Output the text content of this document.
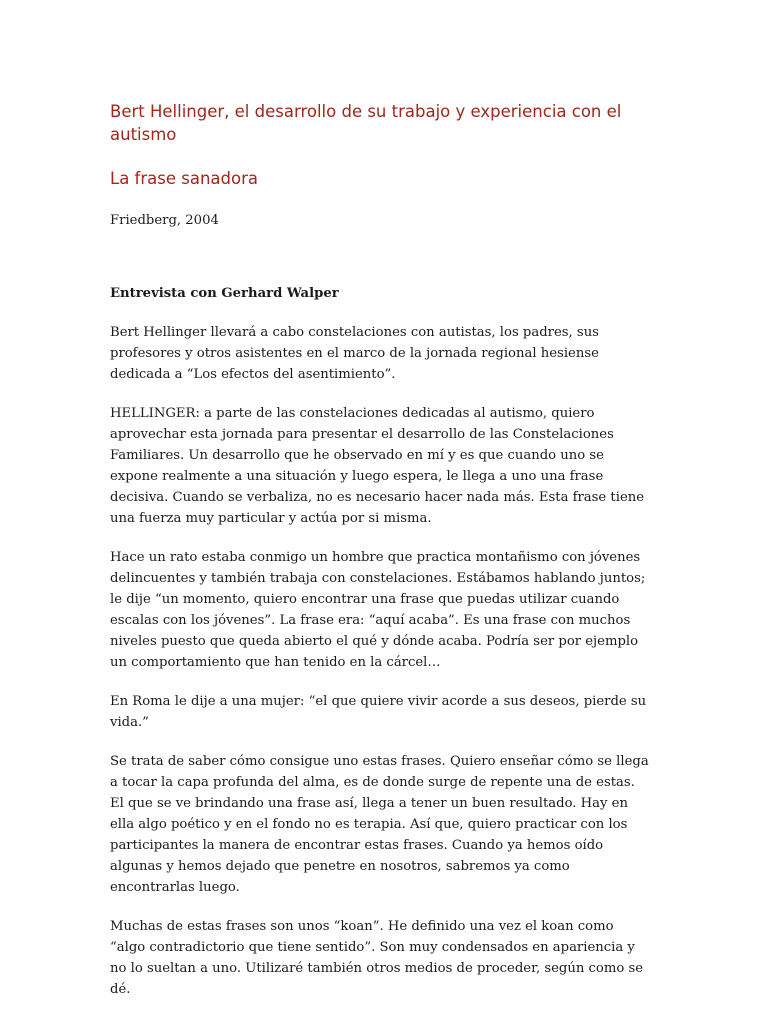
Bert Hellinger, el desarrollo de su trabajo y experiencia con el autismo
La frase sanadora
Friedberg, 2004
Entrevista con Gerhard Walper

Bert Hellinger llevará a cabo constelaciones con autistas, los padres, sus profesores y otros asistentes en el marco de la jornada regional hesiense dedicada a “Los efectos del asentimiento”.

HELLINGER: a parte de las constelaciones dedicadas al autismo, quiero aprovechar esta jornada para presentar el desarrollo de las Constelaciones Familiares. Un desarrollo que he observado en mí y es que cuando uno se expone realmente a una situación y luego espera, le llega a uno una frase decisiva. Cuando se verbaliza, no es necesario hacer nada más. Esta frase tiene una fuerza muy particular y actúa por si misma.

Hace un rato estaba conmigo un hombre que practica montañismo con jóvenes delincuentes y también trabaja con constelaciones. Estábamos hablando juntos; le dije “un momento, quiero encontrar una frase que puedas utilizar cuando escalas con los jóvenes”. La frase era: “aquí acaba”. Es una frase con muchos niveles puesto que queda abierto el qué y dónde acaba. Podría ser por ejemplo un comportamiento que han tenido en la cárcel…

En Roma le dije a una mujer: “el que quiere vivir acorde a sus deseos, pierde su vida.”

Se trata de saber cómo consigue uno estas frases. Quiero enseñar cómo se llega a tocar la capa profunda del alma, es de donde surge de repente una de estas. El que se ve brindando una frase así, llega a tener un buen resultado. Hay en ella algo poético y en el fondo no es terapia. Así que, quiero practicar con los participantes la manera de encontrar estas frases. Cuando ya hemos oído algunas y hemos dejado que penetre en nosotros, sabremos ya como encontrarlas luego.

Muchas de estas frases son unos “koan”. He definido una vez el koan como “algo contradictorio que tiene sentido”. Son muy condensados en apariencia y no lo sueltan a uno. Utilizaré también otros medios de proceder, según como se dé.
